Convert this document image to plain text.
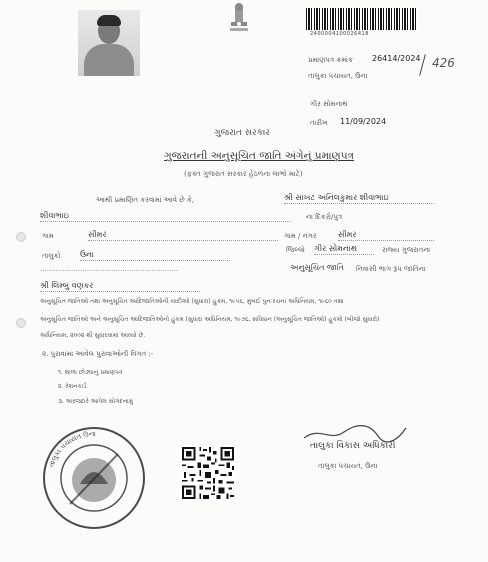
2400004100026418
પ્રમાણપત્ર ક્રમાંક 26414/2024 426
તાલુકા પંચાયત, ઉના
ગીર સોમનાથ
તારીખ 11/09/2024
ગુજરાત સરકાર
ગુજરાતની અનુસૂચિત જાતિ અંગેનું પ્રમાણપત્ર
(ફક્ત ગુજરાત સરકાર હેઠળના લાભો માટે)
આથી પ્રમાણિત કરવામાં આવે છે કે,	શ્રી સાંખટ અનિલકુમાર શીવાભાઇ
શીવાભાઇ	ના દિકરો/પુત્ર
ગામ	સીમર	ગામ / નગર	સીમર
તાલુકો ઉના	જિલ્લો ગીર સોમનાથ	રાજ્ય ગુજરાતના
..............................................................	અનુસૂચિત જાતિ નિવાસી ભાગ રૂપ જાતિના
શ્રી લિમ્બુ વણકર
અનુસૂચિત જાતિઓ તથા અનુસૂચિત આદિજાતિઓની યાદીઓ (સુધારા) હુકમ, ૧૯૫૬, મુંબઈ પુનઃરચના અધિનિયમ, ૧૯૬૦ તથા
અનુસૂચિત જાતિઓ અને અનુસૂચિત આદિજાતિઓનો હુકમ (સુધારા અધિનિયમ, ૧૯૭૬, સંવિધાન (અનુસૂચિત જાતિઓ) હુકમો (બીજો સુધારો)
અધિનિયમ, ૨૦૦૨ થી સુધારવામાં આવ્યો છે.
૨. પુરાવામાં આવેલ પુરાવાઓની વિગત :-
૧. શાળા છોડ્યાનું પ્રમાણપત્ર
૨. રેશનકાર્ડ
૩. અરજદારે આપેલ સોગંદનામું
તાલુકા પંચાયત ઉના
તાલુકા વિકાસ અધિકારી
તાલુકા પંચાયત, ઉના
